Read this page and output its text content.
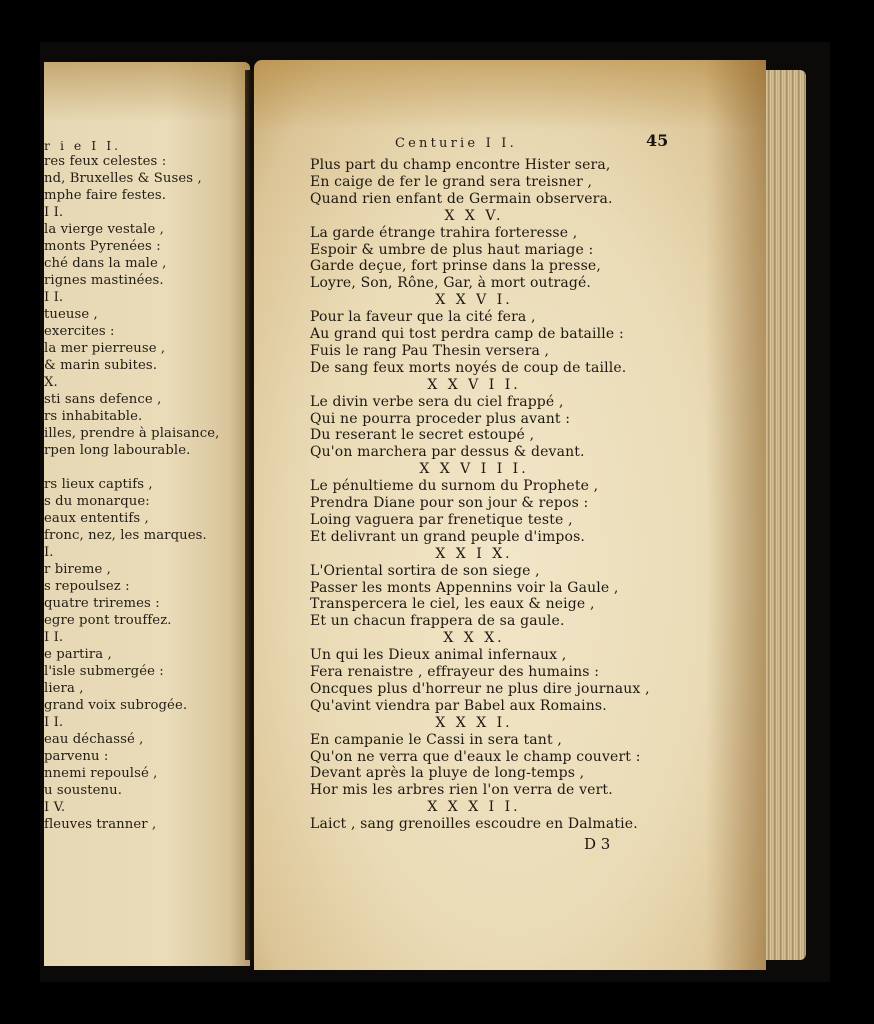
r i e I I.
res feux celestes :
nd, Bruxelles & Suses ,
mphe faire festes.
I I.
la vierge vestale ,
monts Pyrenées :
ché dans la male ,
rignes mastinées.
I I.
tueuse ,
exercites :
la mer pierreuse ,
& marin subites.
X.
sti sans defence ,
rs inhabitable.
illes, prendre à plaisance,
rpen long labourable.
rs lieux captifs ,
s du monarque:
eaux ententifs ,
fronc, nez, les marques.
I.
r bireme ,
s repoulsez :
quatre triremes :
egre pont trouffez.
I I.
e partira ,
l'isle submergée :
liera ,
grand voix subrogée.
I I.
eau déchassé ,
parvenu :
nnemi repoulsé ,
u soustenu.
I V.
fleuves tranner ,
Centurie I I.	45
Plus part du champ encontre Hister sera,
En caige de fer le grand sera treisner ,
Quand rien enfant de Germain observera.
X X V.
La garde étrange trahira forteresse ,
Espoir & umbre de plus haut mariage :
Garde deçue, fort prinse dans la presse,
Loyre, Son, Rône, Gar, à mort outragé.
X X V I.
Pour la faveur que la cité fera ,
Au grand qui tost perdra camp de bataille :
Fuis le rang Pau Thesin versera ,
De sang feux morts noyés de coup de taille.
X X V I I.
Le divin verbe sera du ciel frappé ,
Qui ne pourra proceder plus avant :
Du reserant le secret estoupé ,
Qu'on marchera par dessus & devant.
X X V I I I.
Le pénultieme du surnom du Prophete ,
Prendra Diane pour son jour & repos :
Loing vaguera par frenetique teste ,
Et delivrant un grand peuple d'impos.
X X I X.
L'Oriental sortira de son siege ,
Passer les monts Appennins voir la Gaule ,
Transpercera le ciel, les eaux & neige ,
Et un chacun frappera de sa gaule.
X X X.
Un qui les Dieux animal infernaux ,
Fera renaistre , effrayeur des humains :
Oncques plus d'horreur ne plus dire journaux ,
Qu'avint viendra par Babel aux Romains.
X X X I.
En campanie le Cassi in sera tant ,
Qu'on ne verra que d'eaux le champ couvert :
Devant après la pluye de long-temps ,
Hor mis les arbres rien l'on verra de vert.
X X X I I.
Laict , sang grenoilles escoudre en Dalmatie.
D 3
